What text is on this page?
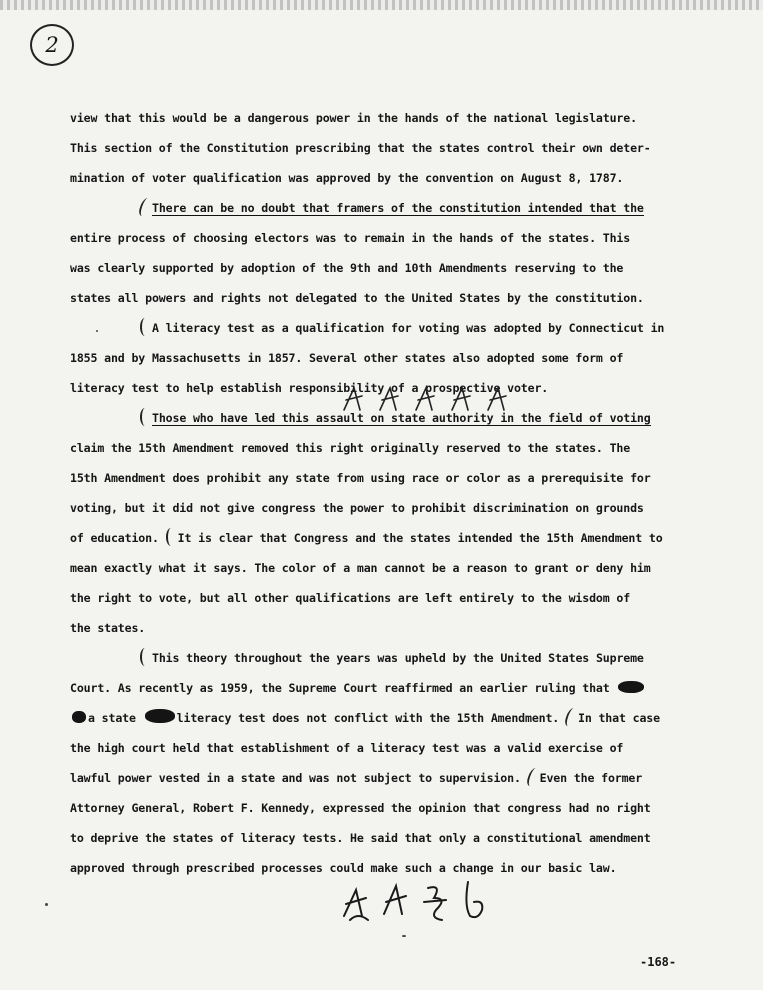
2
view that this would be a dangerous power in the hands of the national legislature.
This section of the Constitution prescribing that the states control their own deter-
mination of voter qualification was approved by the convention on August 8, 1787.
There can be no doubt that framers of the constitution intended that the
entire process of choosing electors was to remain in the hands of the states. This
was clearly supported by adoption of the 9th and 10th Amendments reserving to the
states all powers and rights not delegated to the United States by the constitution.
A literacy test as a qualification for voting was adopted by Connecticut in
1855 and by Massachusetts in 1857. Several other states also adopted some form of
literacy test to help establish responsibility of a prospective voter.
Those who have led this assault on state authority in the field of voting
claim the 15th Amendment removed this right originally reserved to the states. The
15th Amendment does prohibit any state from using race or color as a prerequisite for
voting, but it did not give congress the power to prohibit discrimination on grounds
of education. It is clear that Congress and the states intended the 15th Amendment to
mean exactly what it says. The color of a man cannot be a reason to grant or deny him
the right to vote, but all other qualifications are left entirely to the wisdom of
the states.
This theory throughout the years was upheld by the United States Supreme
Court. As recently as 1959, the Supreme Court reaffirmed an earlier ruling that
a state	literacy test does not conflict with the 15th Amendment. In that case
the high court held that establishment of a literacy test was a valid exercise of
lawful power vested in a state and was not subject to supervision. Even the former
Attorney General, Robert F. Kennedy, expressed the opinion that congress had no right
to deprive the states of literacy tests. He said that only a constitutional amendment
approved through prescribed processes could make such a change in our basic law.
-168-
